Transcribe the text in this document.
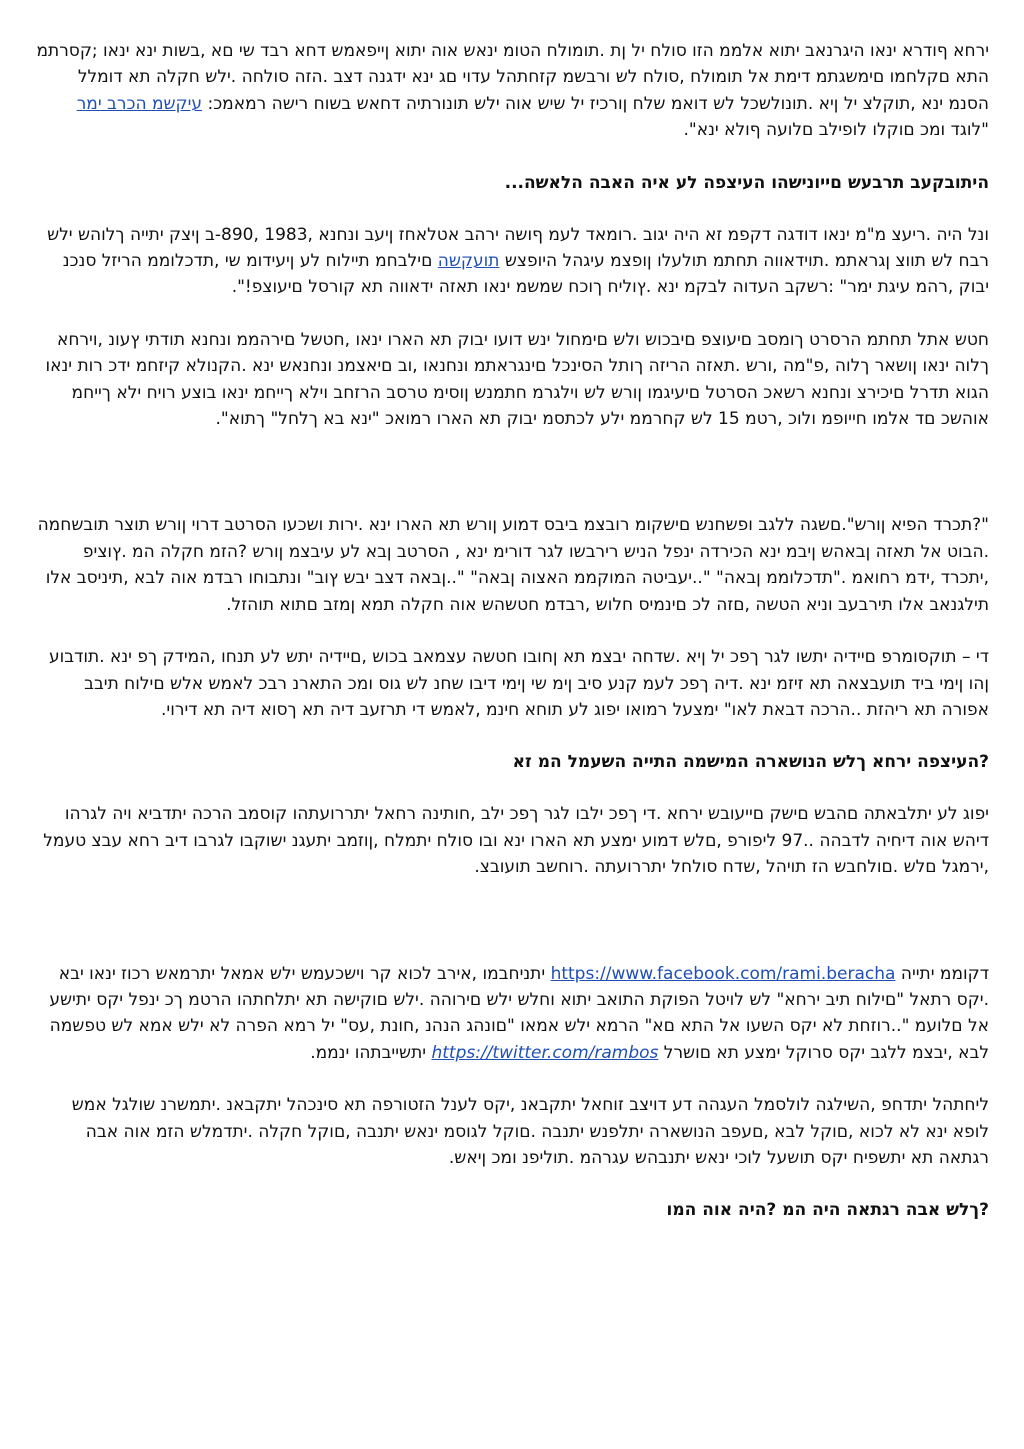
ירחא ףודרא ינאו היגרנאב יתוא אלממ הזו סולח יל ןת .תומולח הטומ ינאש אוה יתוא ןייפאמש דחא רבד שי םא ,בשות ינא ינאו ;קסרתמ התא םקלחמו םימשגתמ דימת אל תומולח ,סולח לש ורבשמ קזחתהל עדוי םג ינא ידגנה דצב .הזה סולחה .ילש חקלה תא דומלל הסנמ ינא ,תוקלצ יל ןיא .תונולשכל לש דואמ שלח ןורכיז יל שיש אוה ילש תונורתיה דחאש בשוח רישה רמאמכ: עיקשמ הכרב ימר "לוגד ומכ םוקלו לופילב םלועה ףולא ינא".

היתובקעב תרבעש םייונישהו העיצפה לע איה האבה הלאשה...

ונל היה .ריעצ מ"מ ינאו דודגה דקפמ זא היה יגוב .רומאד לעמ ףושה ירהב אטלאחז ןיעב ונחנא ,1983 ,890-ב ןיצק יתייה ךלוהש ילש רבח לש תווצ ןגראתמ .תוידאווה תחתמ תולעלו ןופצמ עיגהל היופצש תועקשה םילבחמ תיילוח לע ןיעידומ שי ,תדכלוממ הריזל סנכנ יבוק ,רהמ עיגת ימר" :רשקב העדוה לבקמ ינא .ץוליח ךוכח שמשמ ינאו תאזה ידאווה תא קורסל םיעוצפ!".

חטש אתל תחתמ הרסרט ךומסב םיעוצפ םיבכוש ולש םימחול ינש דועו יבוק תא הארו ינאו ,חטשל םירהממ ונחנא תודתי ץעונ ,וירחא ךלוה ינאו ןושאר ךלוה ,פ"מה ,ורש .תאזה הריזה ךותל הסינכל םינגראתמ ונחנאו ,וב םיאצמנ ונחנאש ינא .הקנולא קיזחמ ידכ רות ינאו הגוא תדרל םיכירצ ונחנא רשאכ הסרטל םיעיגמו ןורש לש וילגרמ חתמנש ןוסימ טרסב הרזחב וילא ךייחמ ינאו בוצע רויח ילא ךייחמ אוהשכ םד אלמו חייופמ ולוכ ,רטמ 15 לש קחרממ ילע לכתסמ יבוק תא הארו רמואכ "ינא בא ךלחל" ךתוא".

"?תכרד הפיא ןורש".םשגה ללגב ופשחנש םישקומ רובצמ ביבס דמוע ןורש תא הארו ינא .ירות ושכעו הסרטב דרוי ןורש תוצר תובשחמה .הבוט אל תאזה ןבאהש ןיבמ ינא הכירדה ינפל הניש רירבשו לגר דורימ ינא , הסרטב ןבא לע עיבצמ ןורש ?הזמ חקלה המ .ץוציפ ,יתכרד ,ידמ רחואמ ."תדכלוממ ןבאה" "..יעביטה המוקממ האצוה ןבאה" "..ןבאה דצב יבש ץוב" ונתבוחו רבדמ אוה לבא ,תיניסב אלו תילגנאב אלו תירבעב וניא הטשה ,םזה לכ םינמיס חלוש ,רבדמ חטשהש אוה חקלה תמא ןמזב םתוא תוהזל.

די – תוקסומרפ םיידיה יתשו לגר ךפכ יל ןיא .שדחה יבצמ תא ןחובו חטשה עצמאב בכוש ,םיידיה יתש לע תנחו ,המידק ךפ ינא .תודבוע ןהו ןימי ביד תועבצאה תא זיזמ ינא .דיה ךפכ לעמ קנע סיב ןימ שי ןימי דיבו שחנ לש גוס ומכ התארנ רבכ לאמש אלש םילוח תיבב אפורה תא ריהזת ..הרכה דבאת לאו" ימצעל רמואו יפוג לע תוחא חינמ ,לאמש די תרזעב דיה תא ךסוא דיה תא דירוי.

?העיצפה ירחא ךלש הנושארה המישמה התייה השעמל המ זא

יפוג לע יתלבאתה םהבש םישק םייעובש ירחא .די ךפכ ילבו לגר ךפכ ילב ,חותינה רחאל יתררועתהו קוסמב הרכה יתדביא ויה לגרהו דיהש אוה דיחיה לדבהה ..97 ליפורפ ,םלש דמוע ימצע תא הארו ינא ובו סולח יתמלח ,ןוזמב יתעגנ ישוקבו לגרבו דיב רחא עבצ טעמל ,ירמגל םלש .םולחבש הז תויהל ,שדח סולחל יתררועתה .רוחשב תועובצ.

דקוממ יתייה https://www.facebook.com/rami.beracha יתניחבמו ,אירב לכוא קר וישכעמש ילש אמאל יתרמאש רכוז ינאו יבא .יקס רתאל "םילוח תיב ירחא" לש לויטל הפוקת התואב יתוא וחלש ילש םירוהה .ילש םוקישה תא יתלחתהו הרטמ ךכ ינפל יקס יתישע אל םלועמ "..רוזחת לא יקס השעו אל התא םא" הרמא ילש אמאו "םונהג הנהנ ,חונת ,עס" יל רמא הפרה לא ילש אמא לש טפשמה לבא ,יבצמ ללגב יקס סרוקל ימצע תא םושרל https://twitter.com/rambos יתשייבתהו ינממ.

ליחתהל יתדחפ ,השילגה לולסמל העגהה דע דויצב זוחאל יתקבאנ ,יקס לענל הזטורפה תא סינכהל יתקבאנ .יתמשרנ שולגל אמש לופא ינא לא לכוא ,םוקל לבא ,םעפב הנושארה יתלפנש יתנבה .םוקל לגוסמ ינאש יתנבה ,םוקל חקלה .יתדמלש הזמ אוה אבה רגתאה תא יתשפיח יקס תושעל לוכי ינאש יתנבהש עגרהמ .תוליפנ ומכ ןיאש.

?ךלש אבה רגתאה היה המ ?היה אוה המו
